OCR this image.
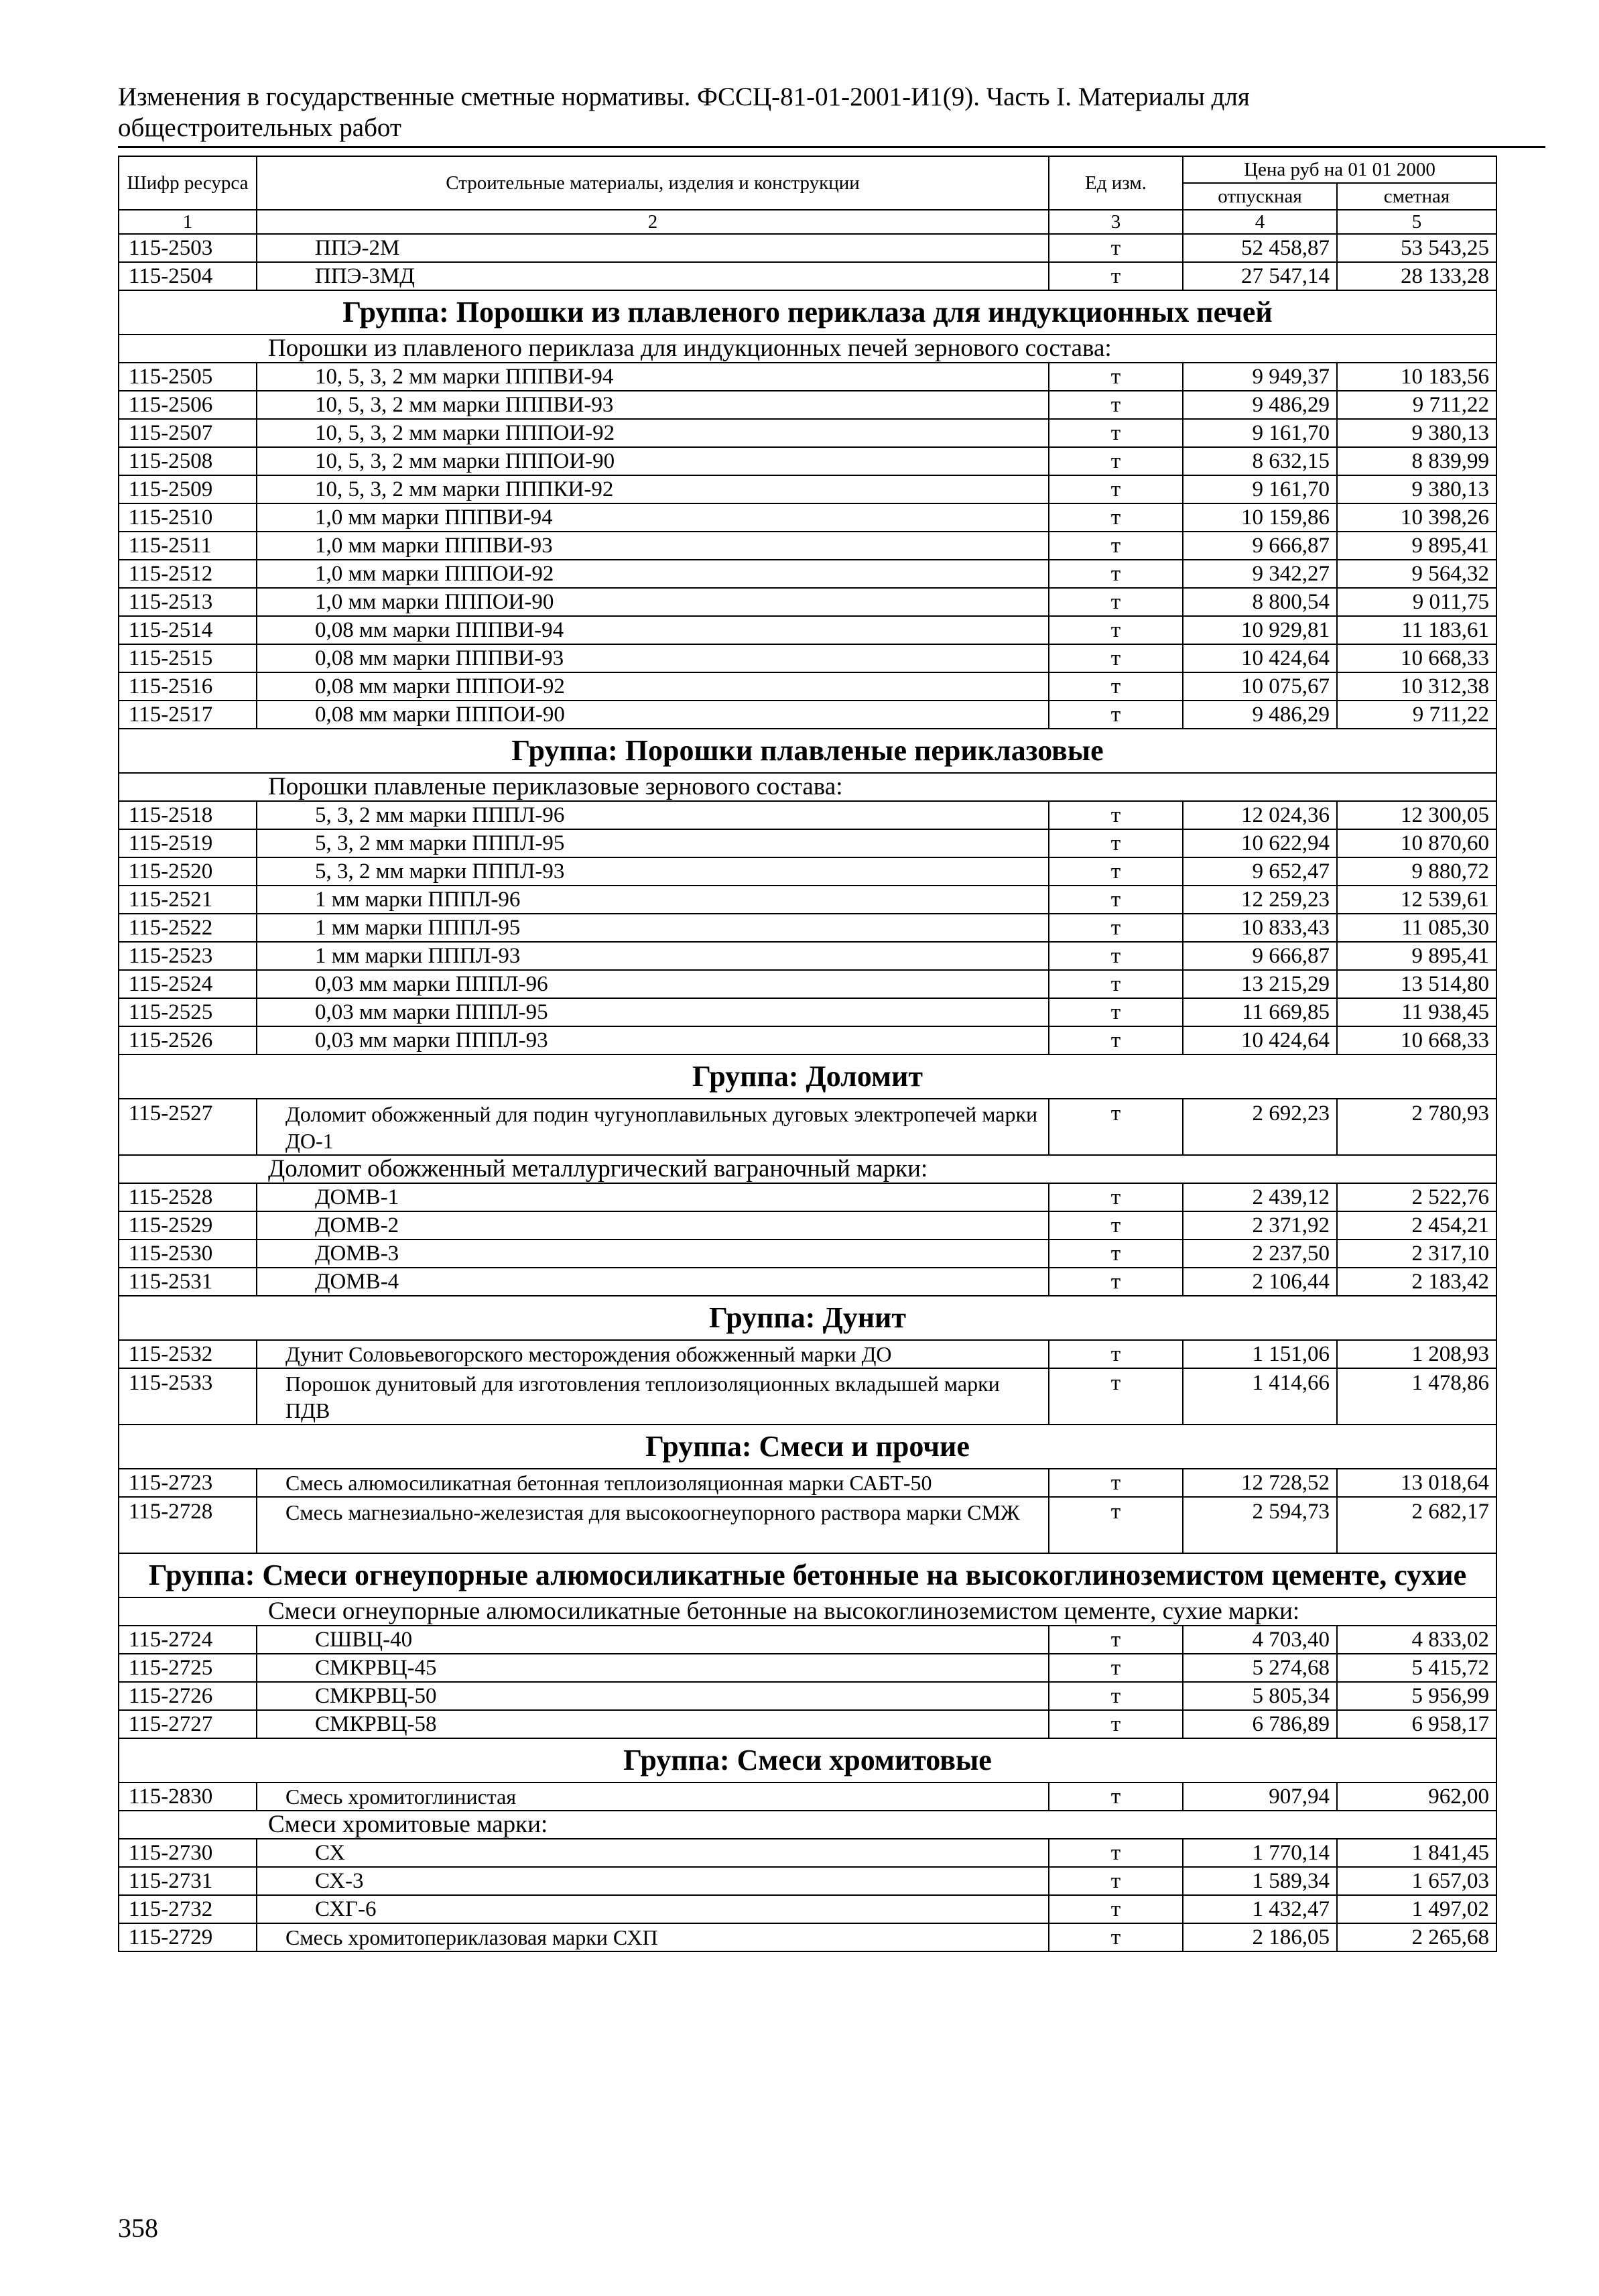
Изменения в государственные сметные нормативы. ФССЦ-81-01-2001-И1(9). Часть I. Материалы для
общестроительных работ
Шифр ресурса	Строительные материалы, изделия и конструкции	Ед изм.	Цена руб на 01 01 2000	
			отпускная	сметная
1	2	3	4	5
115-2503	ППЭ-2М	т	52 458,87	53 543,25
115-2504	ППЭ-3МД	т	27 547,14	28 133,28
Группа: Порошки из плавленого периклаза для индукционных печей				
Порошки из плавленого периклаза для индукционных печей зернового состава:				
115-2505	10, 5, 3, 2 мм марки ПППВИ-94	т	9 949,37	10 183,56
115-2506	10, 5, 3, 2 мм марки ПППВИ-93	т	9 486,29	9 711,22
115-2507	10, 5, 3, 2 мм марки ПППОИ-92	т	9 161,70	9 380,13
115-2508	10, 5, 3, 2 мм марки ПППОИ-90	т	8 632,15	8 839,99
115-2509	10, 5, 3, 2 мм марки ПППКИ-92	т	9 161,70	9 380,13
115-2510	1,0 мм марки ПППВИ-94	т	10 159,86	10 398,26
115-2511	1,0 мм марки ПППВИ-93	т	9 666,87	9 895,41
115-2512	1,0 мм марки ПППОИ-92	т	9 342,27	9 564,32
115-2513	1,0 мм марки ПППОИ-90	т	8 800,54	9 011,75
115-2514	0,08 мм марки ПППВИ-94	т	10 929,81	11 183,61
115-2515	0,08 мм марки ПППВИ-93	т	10 424,64	10 668,33
115-2516	0,08 мм марки ПППОИ-92	т	10 075,67	10 312,38
115-2517	0,08 мм марки ПППОИ-90	т	9 486,29	9 711,22
Группа: Порошки плавленые периклазовые				
Порошки плавленые периклазовые зернового состава:				
115-2518	5, 3, 2 мм марки ПППЛ-96	т	12 024,36	12 300,05
115-2519	5, 3, 2 мм марки ПППЛ-95	т	10 622,94	10 870,60
115-2520	5, 3, 2 мм марки ПППЛ-93	т	9 652,47	9 880,72
115-2521	1 мм марки ПППЛ-96	т	12 259,23	12 539,61
115-2522	1 мм марки ПППЛ-95	т	10 833,43	11 085,30
115-2523	1 мм марки ПППЛ-93	т	9 666,87	9 895,41
115-2524	0,03 мм марки ПППЛ-96	т	13 215,29	13 514,80
115-2525	0,03 мм марки ПППЛ-95	т	11 669,85	11 938,45
115-2526	0,03 мм марки ПППЛ-93	т	10 424,64	10 668,33
Группа: Доломит				
115-2527	Доломит обожженный для подин чугуноплавильных дуговых электропечей марки ДО-1	т	2 692,23	2 780,93
Доломит обожженный металлургический ваграночный марки:				
115-2528	ДОМВ-1	т	2 439,12	2 522,76
115-2529	ДОМВ-2	т	2 371,92	2 454,21
115-2530	ДОМВ-3	т	2 237,50	2 317,10
115-2531	ДОМВ-4	т	2 106,44	2 183,42
Группа: Дунит				
115-2532	Дунит Соловьевогорского месторождения обожженный марки ДО	т	1 151,06	1 208,93
115-2533	Порошок дунитовый для изготовления теплоизоляционных вкладышей марки ПДВ	т	1 414,66	1 478,86
Группа: Смеси и прочие				
115-2723	Смесь алюмосиликатная бетонная теплоизоляционная марки САБТ-50	т	12 728,52	13 018,64
115-2728	Смесь магнезиально-железистая для высокоогнеупорного раствора марки СМЖ	т	2 594,73	2 682,17
Группа: Смеси огнеупорные алюмосиликатные бетонные на высокоглиноземистом цементе, сухие				
Смеси огнеупорные алюмосиликатные бетонные на высокоглиноземистом цементе, сухие марки:				
115-2724	СШВЦ-40	т	4 703,40	4 833,02
115-2725	СМКРВЦ-45	т	5 274,68	5 415,72
115-2726	СМКРВЦ-50	т	5 805,34	5 956,99
115-2727	СМКРВЦ-58	т	6 786,89	6 958,17
Группа: Смеси хромитовые				
115-2830	Смесь хромитоглинистая	т	907,94	962,00
Смеси хромитовые марки:				
115-2730	СХ	т	1 770,14	1 841,45
115-2731	СХ-3	т	1 589,34	1 657,03
115-2732	СХГ-6	т	1 432,47	1 497,02
115-2729	Смесь хромитопериклазовая марки СХП	т	2 186,05	2 265,68
358
